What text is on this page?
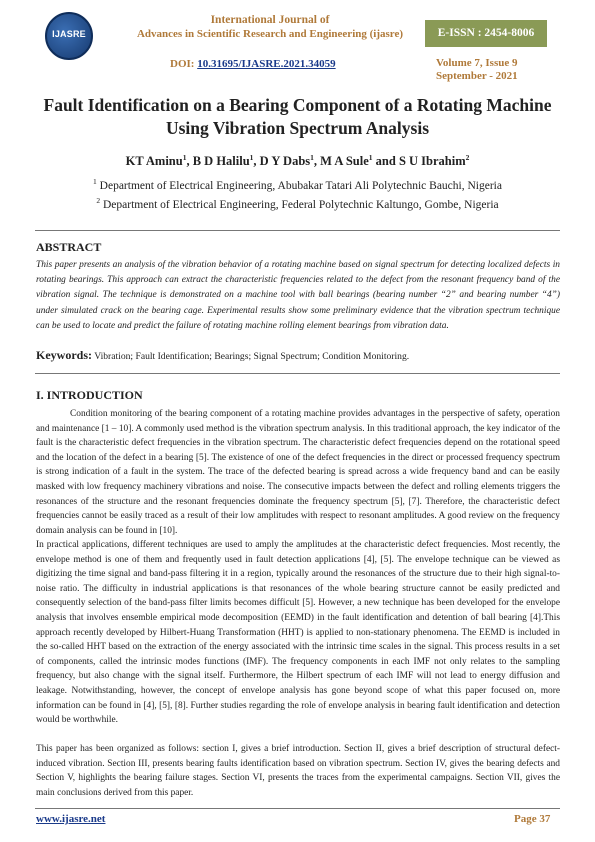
IJASRE
International Journal of
Advances in Scientific Research and Engineering (ijasre)	E-ISSN : 2454-8006
DOI: 10.31695/IJASRE.2021.34059	Volume 7, Issue 9
September - 2021
Fault Identification on a Bearing Component of a Rotating Machine
Using Vibration Spectrum Analysis
KT Aminu$^1$, B D Halilu$^1$, D Y Dabs$^1$, M A Sule$^1$ and S U Ibrahim$^2$
$^1$ Department of Electrical Engineering, Abubakar Tatari Ali Polytechnic Bauchi, Nigeria
$^2$ Department of Electrical Engineering, Federal Polytechnic Kaltungo, Gombe, Nigeria
ABSTRACT
This paper presents an analysis of the vibration behavior of a rotating machine based on signal spectrum for detecting localized defects in rotating bearings. This approach can extract the characteristic frequencies related to the defect from the resonant frequency band of the vibration signal. The technique is demonstrated on a machine tool with ball bearings (bearing number “2” and bearing number “4”) under simulated crack on the bearing cage. Experimental results show some preliminary evidence that the vibration spectrum technique can be used to locate and predict the failure of rotating machine rolling element bearings from vibration data.
Keywords: Vibration; Fault Identification; Bearings; Signal Spectrum; Condition Monitoring.
I. INTRODUCTION
Condition monitoring of the bearing component of a rotating machine provides advantages in the perspective of safety, operation and maintenance [1 – 10]. A commonly used method is the vibration spectrum analysis. In this traditional approach, the key indicator of the fault is the characteristic defect frequencies in the vibration spectrum. The characteristic defect frequencies depend on the rotational speed and the location of the defect in a bearing [5]. The existence of one of the defect frequencies in the direct or processed frequency spectrum is strong indication of a fault in the system. The trace of the defected bearing is spread across a wide frequency band and can be easily masked with low frequency machinery vibrations and noise. The consecutive impacts between the defect and rolling elements triggers the resonances of the structure and the resonant frequencies dominate the frequency spectrum [5], [7]. Therefore, the characteristic defect frequencies cannot be easily traced as a result of their low amplitudes with respect to resonant amplitudes. A good review on the frequency domain analysis can be found in [10].
In practical applications, different techniques are used to amply the amplitudes at the characteristic defect frequencies. Most recently, the envelope method is one of them and frequently used in fault detection applications [4], [5]. The envelope technique can be viewed as digitizing the time signal and band-pass filtering it in a region, typically around the resonances of the structure due to their high signal-to-noise ratio. The difficulty in industrial applications is that resonances of the whole bearing structure cannot be easily predicted and consequently selection of the band-pass filter limits becomes difficult [5]. However, a new technique has been developed for the envelope analysis that involves ensemble empirical mode decomposition (EEMD) in the fault identification and detention of ball bearing [4].This approach recently developed by Hilbert-Huang Transformation (HHT) is applied to non-stationary phenomena. The EEMD is included in the so-called HHT based on the extraction of the energy associated with the intrinsic time scales in the signal. This process results in a set of components, called the intrinsic modes functions (IMF). The frequency components in each IMF not only relates to the sampling frequency, but also change with the signal itself. Furthermore, the Hilbert spectrum of each IMF will not lead to energy diffusion and leakage. Notwithstanding, however, the concept of envelope analysis has gone beyond scope of what this paper focused on, more information can be found in [4], [5], [8]. Further studies regarding the role of envelope analysis in bearing fault identification and detection would be worthwhile.
This paper has been organized as follows: section I, gives a brief introduction. Section II, gives a brief description of structural defect-induced vibration. Section III, presents bearing faults identification based on vibration spectrum. Section IV, gives the bearing defects and Section V, highlights the bearing failure stages. Section VI, presents the traces from the experimental campaigns. Section VII, gives the main conclusions derived from this paper.
www.ijasre.net	Page 37
